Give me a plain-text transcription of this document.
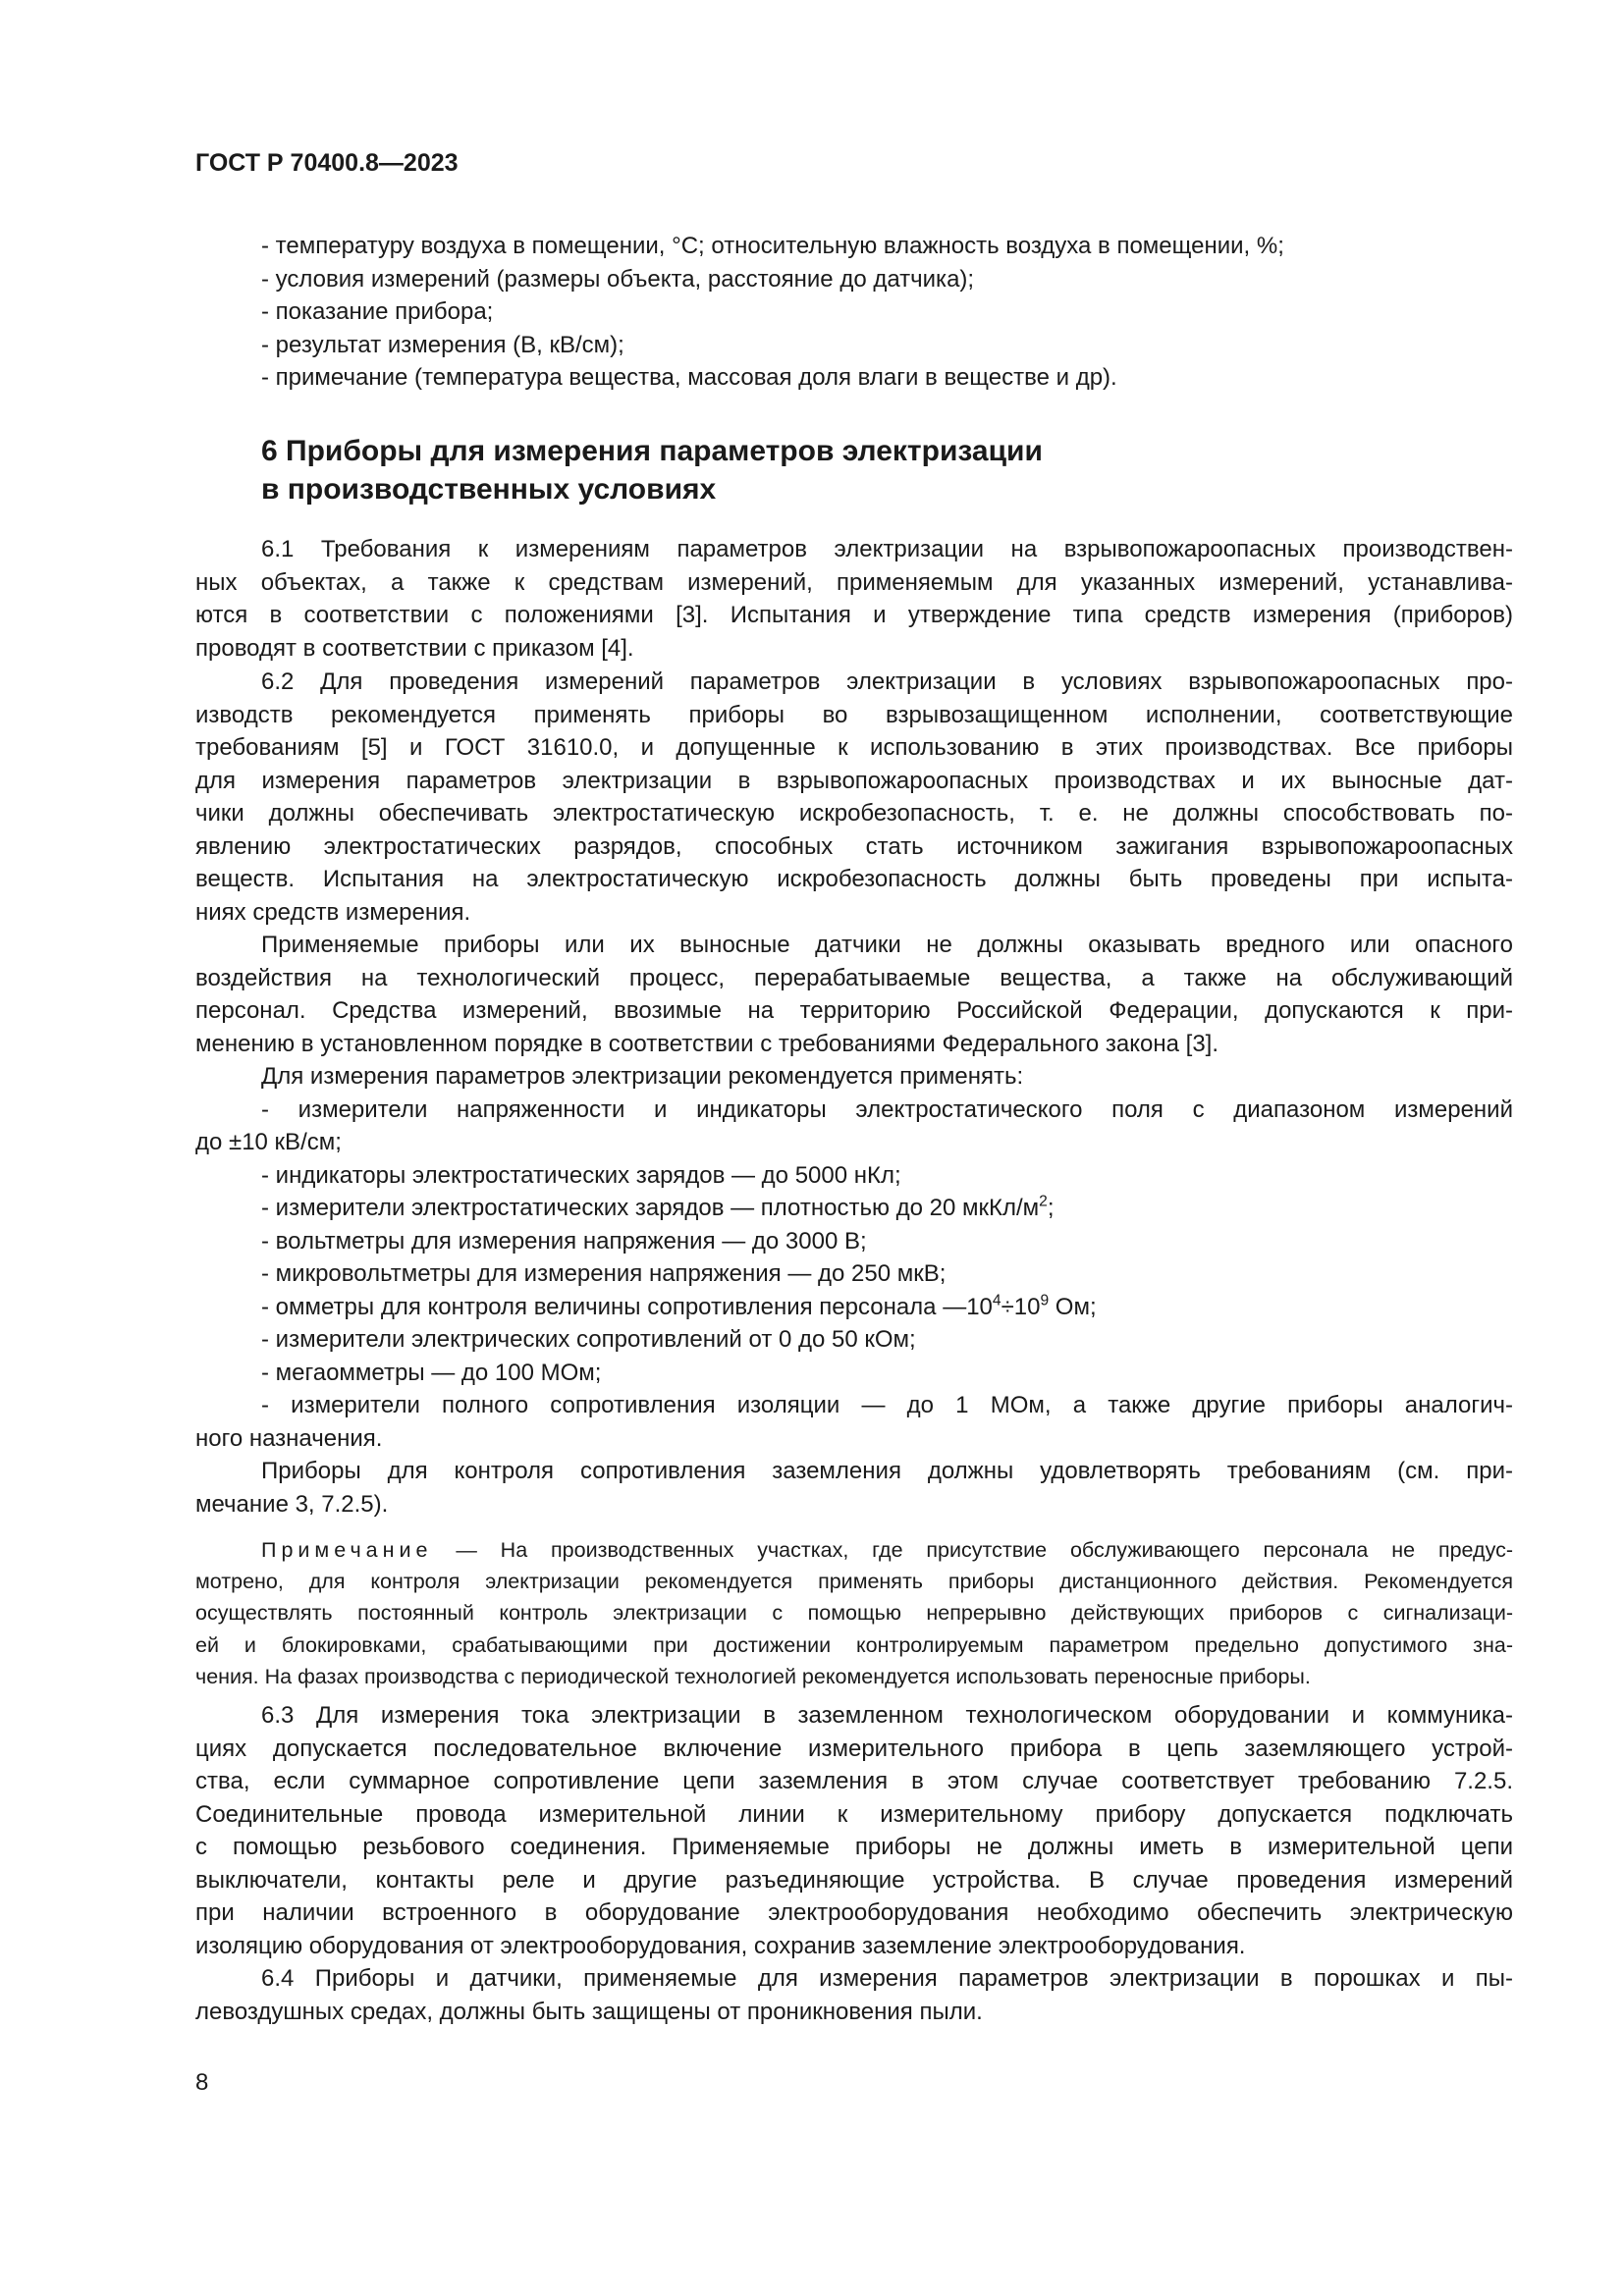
ГОСТ Р 70400.8—2023
6 Приборы для измерения параметров электризации
в производственных условиях
- температуру воздуха в помещении, °С; относительную влажность воздуха в помещении, %;
- условия измерений (размеры объекта, расстояние до датчика);
- показание прибора;
- результат измерения (В, кВ/см);
- примечание (температура вещества, массовая доля влаги в веществе и др).
6.1 Требования к измерениям параметров электризации на взрывопожароопасных производствен-
ных объектах, а также к средствам измерений, применяемым для указанных измерений, устанавлива-
ются в соответствии с положениями [3]. Испытания и утверждение типа средств измерения (приборов)
проводят в соответствии с приказом [4].
6.2 Для проведения измерений параметров электризации в условиях взрывопожароопасных про-
изводств рекомендуется применять приборы во взрывозащищенном исполнении, соответствующие
требованиям [5] и ГОСТ 31610.0, и допущенные к использованию в этих производствах. Все приборы
для измерения параметров электризации в взрывопожароопасных производствах и их выносные дат-
чики должны обеспечивать электростатическую искробезопасность, т. е. не должны способствовать по-
явлению электростатических разрядов, способных стать источником зажигания взрывопожароопасных
веществ. Испытания на электростатическую искробезопасность должны быть проведены при испыта-
ниях средств измерения.
Применяемые приборы или их выносные датчики не должны оказывать вредного или опасного
воздействия на технологический процесс, перерабатываемые вещества, а также на обслуживающий
персонал. Средства измерений, ввозимые на территорию Российской Федерации, допускаются к при-
менению в установленном порядке в соответствии с требованиями Федерального закона [3].
Для измерения параметров электризации рекомендуется применять:
- измерители напряженности и индикаторы электростатического поля с диапазоном измерений
до ±10 кВ/см;
- индикаторы электростатических зарядов — до 5000 нКл;
- измерители электростатических зарядов — плотностью до 20 мкКл/$м^2$;
- вольтметры для измерения напряжения — до 3000 В;
- микровольтметры для измерения напряжения — до 250 мкВ;
- омметры для контроля величины сопротивления персонала $—10^4\div 10^9$ Ом;
- измерители электрических сопротивлений от 0 до 50 кОм;
- мегаомметры — до 100 МОм;
- измерители полного сопротивления изоляции — до 1 МОм, а также другие приборы аналогич-
ного назначения.
Приборы для контроля сопротивления заземления должны удовлетворять требованиям (см. при-
мечание 3, 7.2.5).
Примечание — На производственных участках, где присутствие обслуживающего персонала не предус-
мотрено, для контроля электризации рекомендуется применять приборы дистанционного действия. Рекомендуется
осуществлять постоянный контроль электризации с помощью непрерывно действующих приборов с сигнализаци-
ей и блокировками, срабатывающими при достижении контролируемым параметром предельно допустимого зна-
чения. На фазах производства с периодической технологией рекомендуется использовать переносные приборы.
6.3 Для измерения тока электризации в заземленном технологическом оборудовании и коммуника-
циях допускается последовательное включение измерительного прибора в цепь заземляющего устрой-
ства, если суммарное сопротивление цепи заземления в этом случае соответствует требованию 7.2.5.
Соединительные провода измерительной линии к измерительному прибору допускается подключать
с помощью резьбового соединения. Применяемые приборы не должны иметь в измерительной цепи
выключатели, контакты реле и другие разъединяющие устройства. В случае проведения измерений
при наличии встроенного в оборудование электрооборудования необходимо обеспечить электрическую
изоляцию оборудования от электрооборудования, сохранив заземление электрооборудования.
6.4 Приборы и датчики, применяемые для измерения параметров электризации в порошках и пы-
левоздушных средах, должны быть защищены от проникновения пыли.
8
